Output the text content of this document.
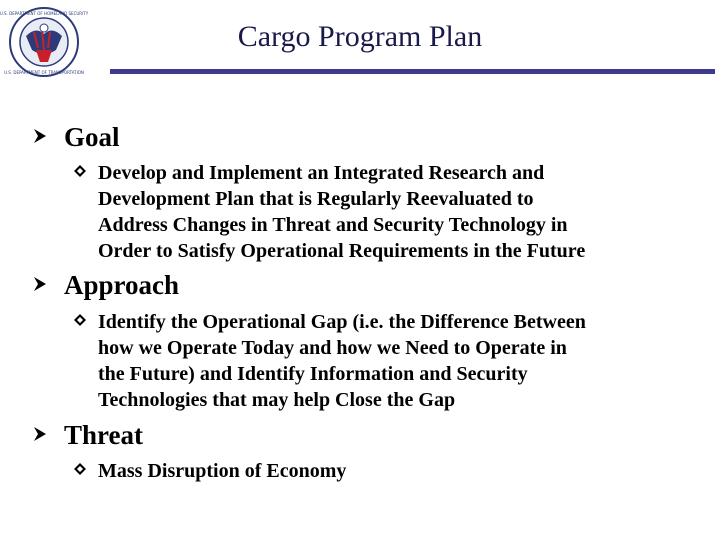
U.S. DEPARTMENT OF HOMELAND SECURITY
U.S. DEPARTMENT OF TRANSPORTATION
Cargo Program Plan
Goal
Develop and Implement an Integrated Research and
Development Plan that is Regularly Reevaluated to
Address Changes in Threat and Security Technology in
Order to Satisfy Operational Requirements in the Future
Approach
Identify the Operational Gap (i.e. the Difference Between
how we Operate Today and how we Need to Operate in
the Future) and Identify Information and Security
Technologies that may help Close the Gap
Threat
Mass Disruption of Economy
